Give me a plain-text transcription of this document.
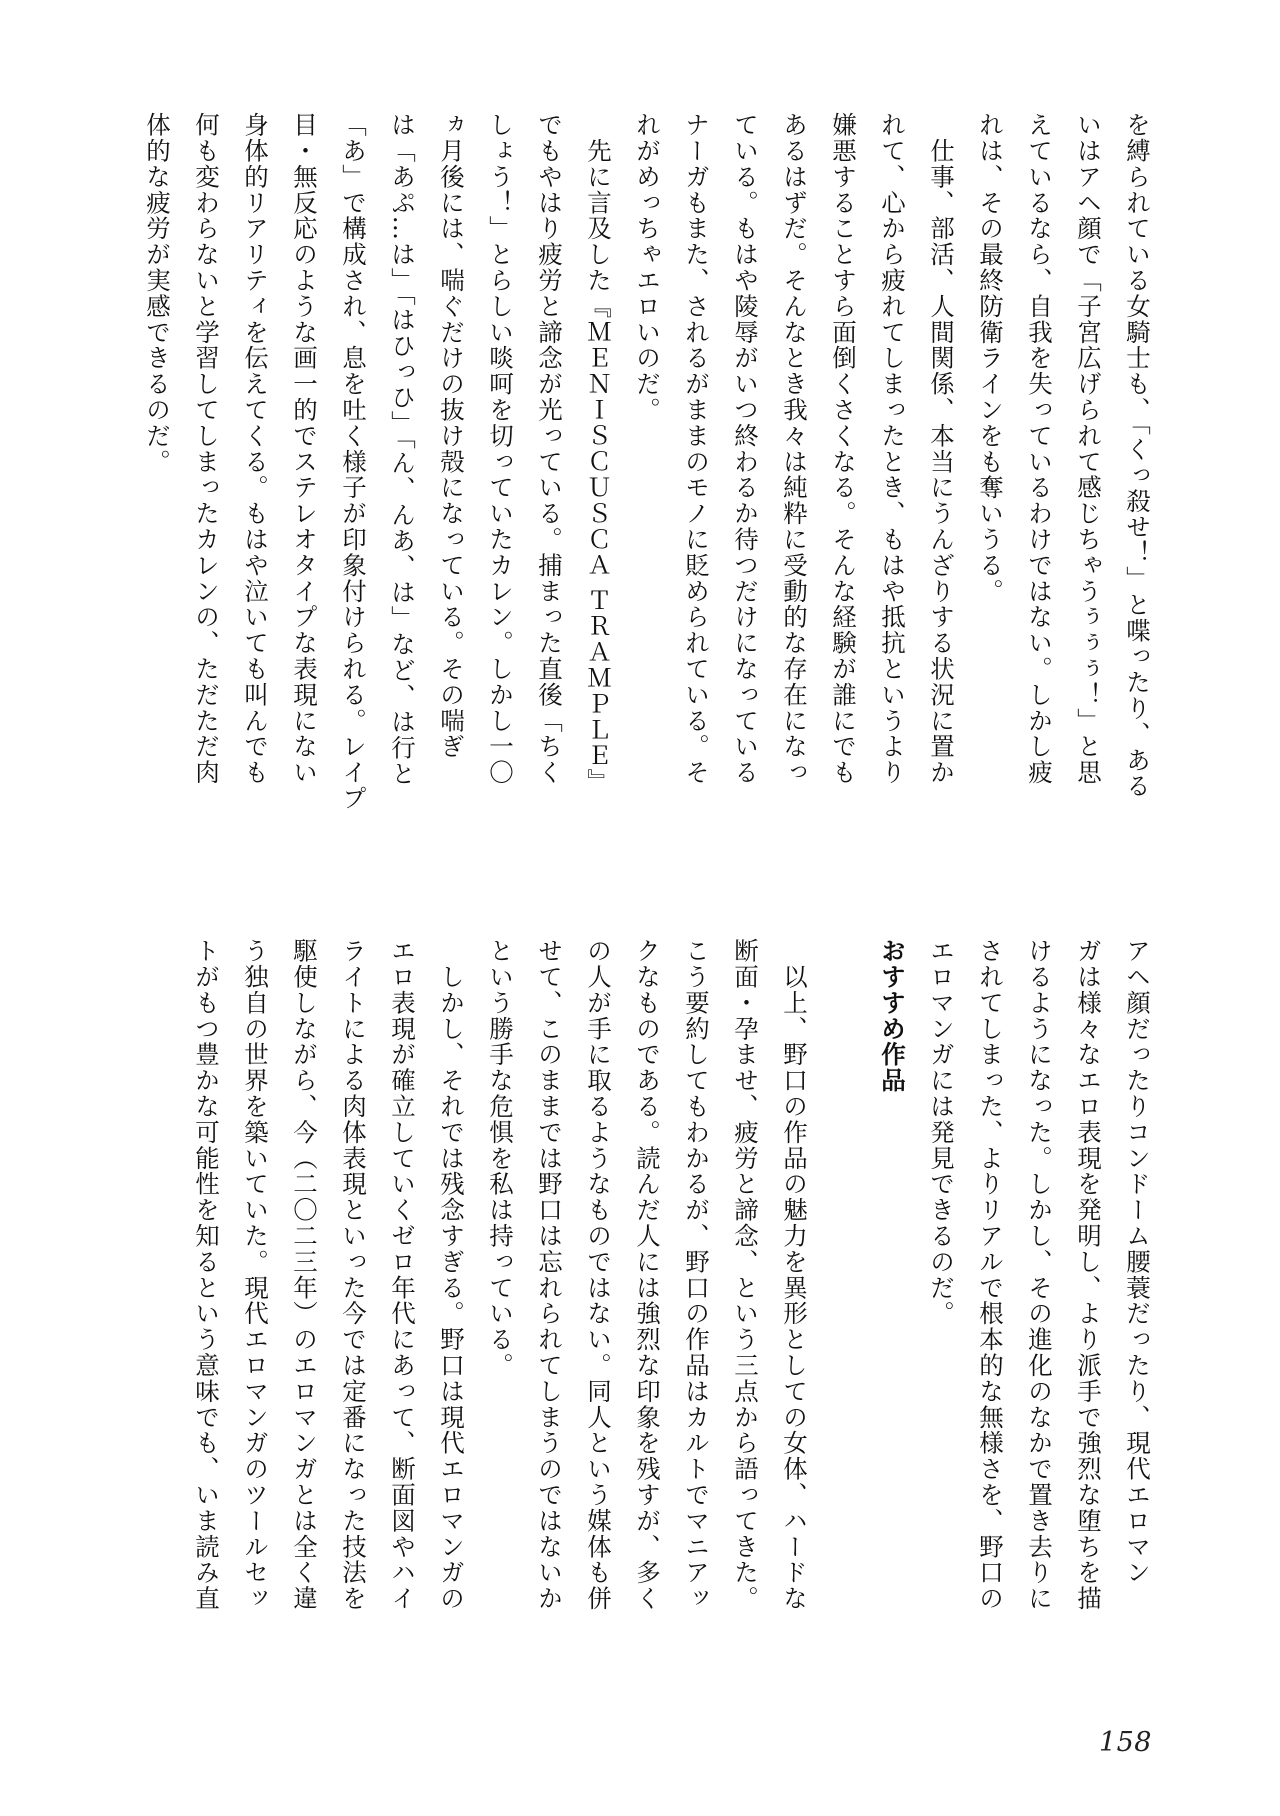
を縛られている女騎士も、「くっ殺せ！」と喋ったり、ある
いはアヘ顔で「子宮広げられて感じちゃうぅぅぅ！」と思
えているなら、自我を失っているわけではない。しかし疲
れは、その最終防衛ラインをも奪いうる。
　仕事、部活、人間関係、本当にうんざりする状況に置か
れて、心から疲れてしまったとき、もはや抵抗というより
嫌悪することすら面倒くさくなる。そんな経験が誰にでも
あるはずだ。そんなとき我々は純粋に受動的な存在になっ
ている。もはや陵辱がいつ終わるか待つだけになっている
ナーガもまた、されるがままのモノに貶められている。そ
れがめっちゃエロいのだ。
　先に言及した『ＭＥＮＩＳＣＵＳＣＡ ＴＲＡＭＰＬＥ』
でもやはり疲労と諦念が光っている。捕まった直後「ちく
しょう！」とらしい啖呵を切っていたカレン。しかし一〇
ヵ月後には、喘ぐだけの抜け殻になっている。その喘ぎ
は「あぷ…は」「はひっひ」「ん、んあ、は」など、は行と
「あ」で構成され、息を吐く様子が印象付けられる。レイプ
目・無反応のような画一的でステレオタイプな表現にない
身体的リアリティを伝えてくる。もはや泣いても叫んでも
何も変わらないと学習してしまったカレンの、ただただ肉
体的な疲労が実感できるのだ。
アヘ顔だったりコンドーム腰蓑だったり、現代エロマン
ガは様々なエロ表現を発明し、より派手で強烈な堕ちを描
けるようになった。しかし、その進化のなかで置き去りに
されてしまった、よりリアルで根本的な無様さを、野口の
エロマンガには発見できるのだ。
おすすめ作品
　以上、野口の作品の魅力を異形としての女体、ハードな
断面・孕ませ、疲労と諦念、という三点から語ってきた。
こう要約してもわかるが、野口の作品はカルトでマニアッ
クなものである。読んだ人には強烈な印象を残すが、多く
の人が手に取るようなものではない。同人という媒体も併
せて、このままでは野口は忘れられてしまうのではないか
という勝手な危惧を私は持っている。
　しかし、それでは残念すぎる。野口は現代エロマンガの
エロ表現が確立していくゼロ年代にあって、断面図やハイ
ライトによる肉体表現といった今では定番になった技法を
駆使しながら、今（二〇二三年）のエロマンガとは全く違
う独自の世界を築いていた。現代エロマンガのツールセッ
トがもつ豊かな可能性を知るという意味でも、いま読み直
158
